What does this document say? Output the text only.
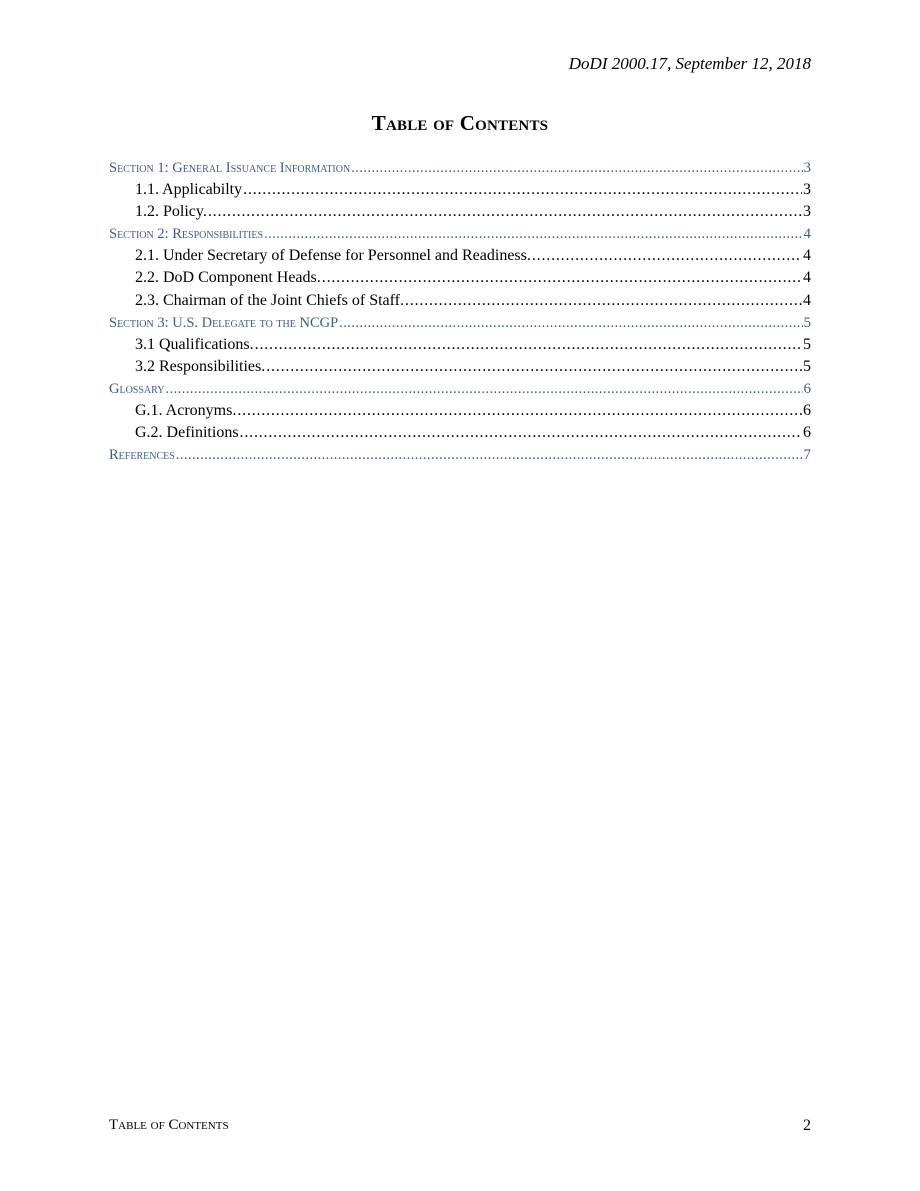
DoDI 2000.17, September 12, 2018
Table of Contents
Section 1: General Issuance Information . . .	3
1.1. Applicabilty . . .	3
1.2. Policy. . . .	3
Section 2: Responsibilities . . .	4
2.1. Under Secretary of Defense for Personnel and Readiness. . . .	4
2.2. DoD Component Heads. . . .	4
2.3. Chairman of the Joint Chiefs of Staff. . . .	4
Section 3: U.S. Delegate to the NCGP . . .	5
3.1 Qualifications. . . .	5
3.2 Responsibilities. . . .	5
Glossary . . .	6
G.1. Acronyms. . . .	6
G.2. Definitions . . .	6
References . . .	7
Table of Contents	2
